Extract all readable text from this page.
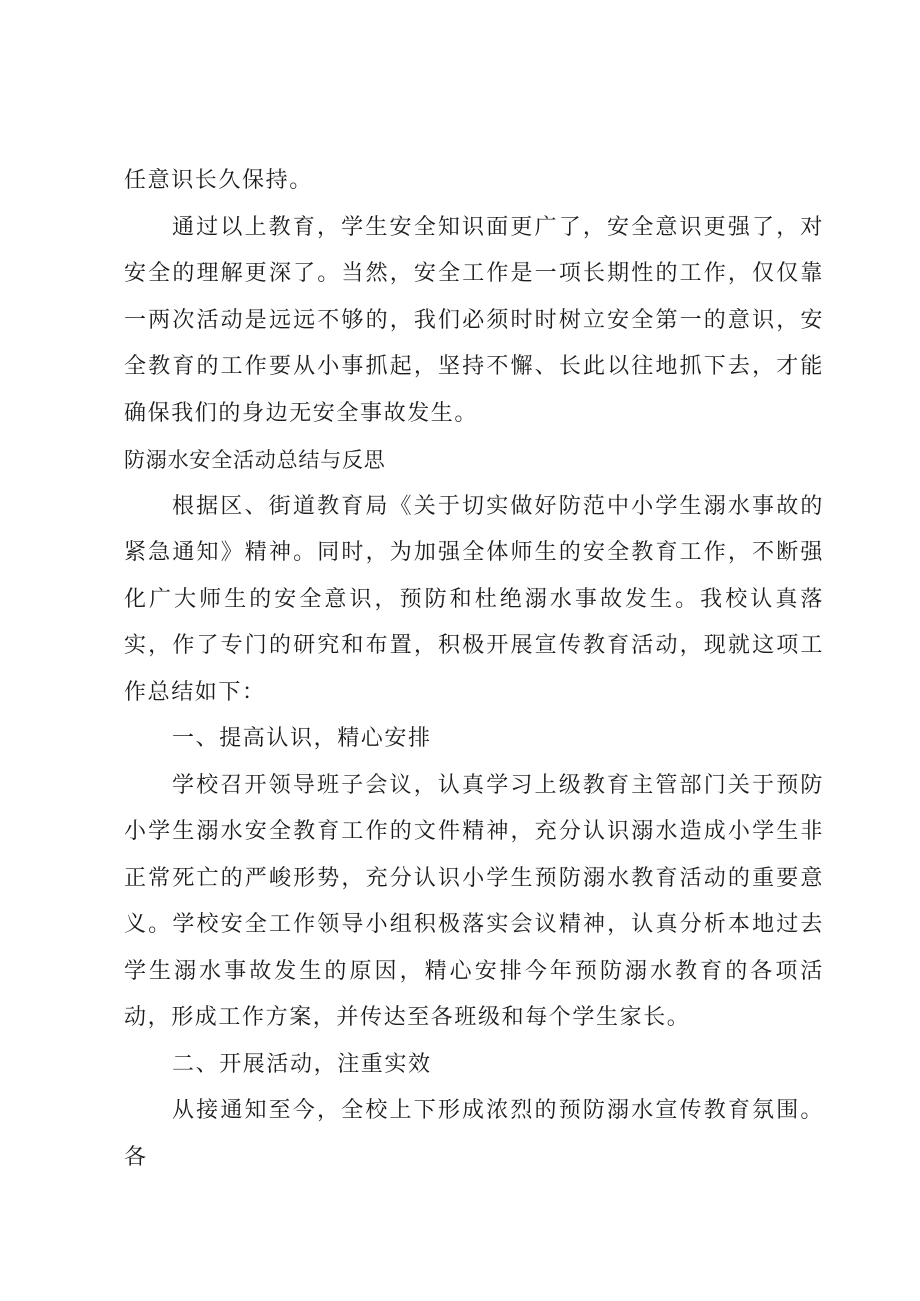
任意识长久保持。

通过以上教育，学生安全知识面更广了，安全意识更强了，对安全的理解更深了。当然，安全工作是一项长期性的工作，仅仅靠一两次活动是远远不够的，我们必须时时树立安全第一的意识，安全教育的工作要从小事抓起，坚持不懈、长此以往地抓下去，才能确保我们的身边无安全事故发生。

防溺水安全活动总结与反思

根据区、街道教育局《关于切实做好防范中小学生溺水事故的紧急通知》精神。同时，为加强全体师生的安全教育工作，不断强化广大师生的安全意识，预防和杜绝溺水事故发生。我校认真落实，作了专门的研究和布置，积极开展宣传教育活动，现就这项工作总结如下：

一、提高认识，精心安排

学校召开领导班子会议，认真学习上级教育主管部门关于预防小学生溺水安全教育工作的文件精神，充分认识溺水造成小学生非正常死亡的严峻形势，充分认识小学生预防溺水教育活动的重要意义。学校安全工作领导小组积极落实会议精神，认真分析本地过去学生溺水事故发生的原因，精心安排今年预防溺水教育的各项活动，形成工作方案，并传达至各班级和每个学生家长。

二、开展活动，注重实效

从接通知至今，全校上下形成浓烈的预防溺水宣传教育氛围。各
